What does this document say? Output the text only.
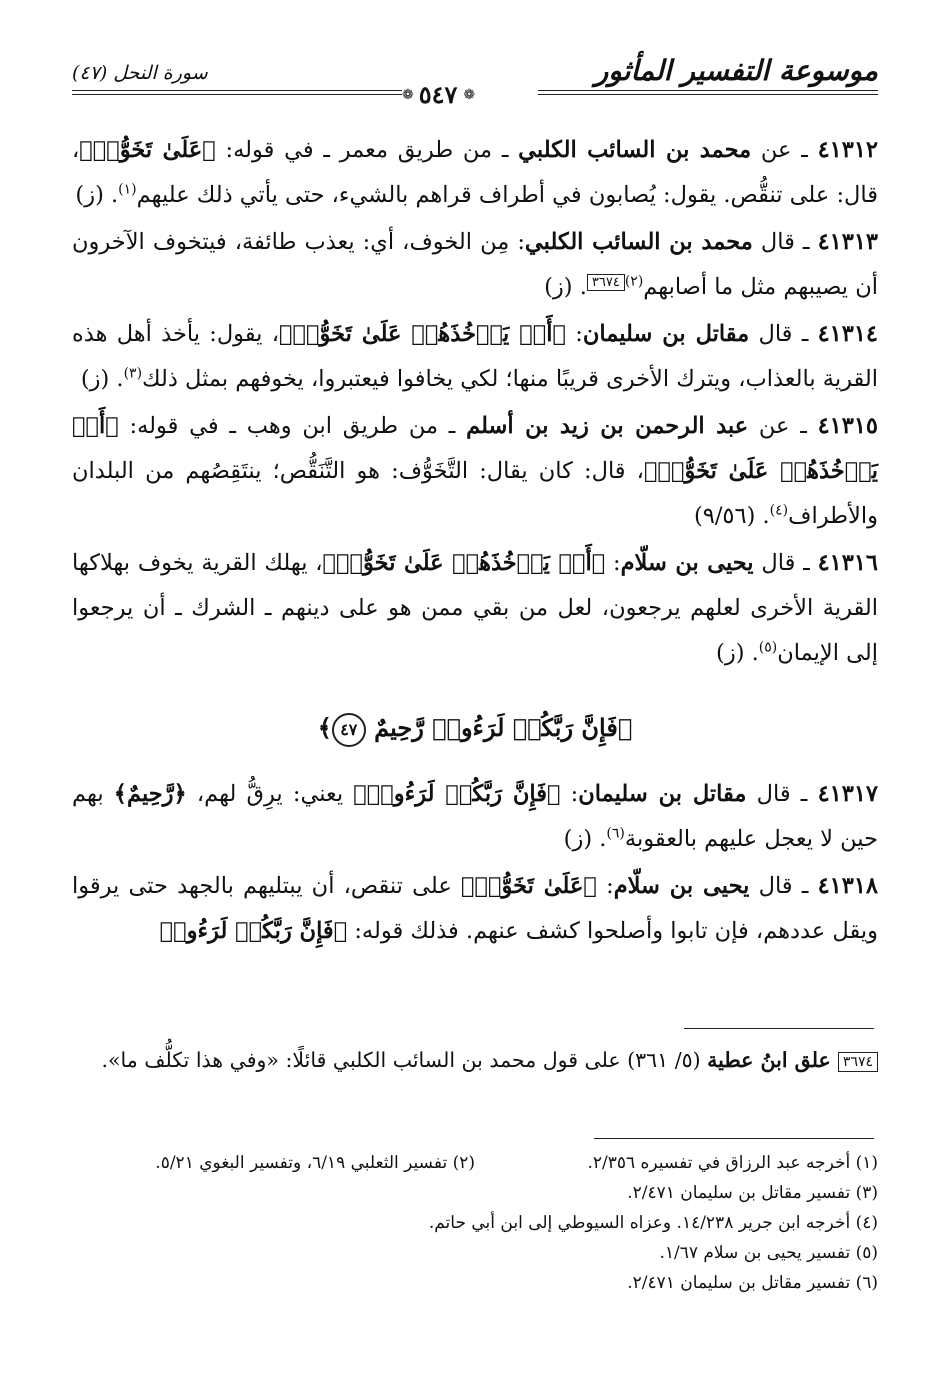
موسوعة التفسير المأثور
سورة النحل (٤٧)
❁ ٥٤٧ ❁

٤١٣١٢ ـ عن محمد بن السائب الكلبي ـ من طريق معمر ـ في قوله: ﴿عَلَىٰ تَخَوُّفٖ﴾، قال: على تنقُّص. يقول: يُصابون في أطراف قراهم بالشيء، حتى يأتي ذلك عليهم$^{(١)}$. (ز)

٤١٣١٣ ـ قال محمد بن السائب الكلبي: مِن الخوف، أي: يعذب طائفة، فيتخوف الآخرون أن يصيبهم مثل ما أصابهم$^{(٢)}$٣٦٧٤. (ز)

٤١٣١٤ ـ قال مقاتل بن سليمان: ﴿أَوۡ يَأۡخُذَهُمۡ عَلَىٰ تَخَوُّفٖ﴾، يقول: يأخذ أهل هذه القرية بالعذاب، ويترك الأخرى قريبًا منها؛ لكي يخافوا فيعتبروا، يخوفهم بمثل ذلك$^{(٣)}$. (ز)

٤١٣١٥ ـ عن عبد الرحمن بن زيد بن أسلم ـ من طريق ابن وهب ـ في قوله: ﴿أَوۡ يَأۡخُذَهُمۡ عَلَىٰ تَخَوُّفٖ﴾، قال: كان يقال: التَّخَوُّف: هو التَّنَقُّص؛ ينتَقِصُهم من البلدان والأطراف$^{(٤)}$. (٩/٥٦)

٤١٣١٦ ـ قال يحيى بن سلّام: ﴿أَوۡ يَأۡخُذَهُمۡ عَلَىٰ تَخَوُّفٖ﴾، يهلك القرية يخوف بهلاكها القرية الأخرى لعلهم يرجعون، لعل من بقي ممن هو على دينهم ـ الشرك ـ أن يرجعوا إلى الإيمان$^{(٥)}$. (ز)

﴿فَإِنَّ رَبَّكُمۡ لَرَءُوفٞ رَّحِيمٌ ٤٧﴾

٤١٣١٧ ـ قال مقاتل بن سليمان: ﴿فَإِنَّ رَبَّكُمۡ لَرَءُوفٞ﴾ يعني: يرِقُّ لهم، ﴿رَّحِيمٌ﴾ بهم حين لا يعجل عليهم بالعقوبة$^{(٦)}$. (ز)

٤١٣١٨ ـ قال يحيى بن سلّام: ﴿عَلَىٰ تَخَوُّفٖ﴾ على تنقص، أن يبتليهم بالجهد حتى يرقوا ويقل عددهم، فإن تابوا وأصلحوا كشف عنهم. فذلك قوله: ﴿فَإِنَّ رَبَّكُمۡ لَرَءُوفٞ

٣٦٧٤ علق ابنُ عطية (٥/ ٣٦١) على قول محمد بن السائب الكلبي قائلًا: «وفي هذا تكلُّف ما».
(١) أخرجه عبد الرزاق في تفسيره ٢/٣٥٦.
(٢) تفسير الثعلبي ٦/١٩، وتفسير البغوي ٥/٢١.
(٣) تفسير مقاتل بن سليمان ٢/٤٧١.
(٤) أخرجه ابن جرير ١٤/٢٣٨. وعزاه السيوطي إلى ابن أبي حاتم.
(٥) تفسير يحيى بن سلام ١/٦٧.
(٦) تفسير مقاتل بن سليمان ٢/٤٧١.
